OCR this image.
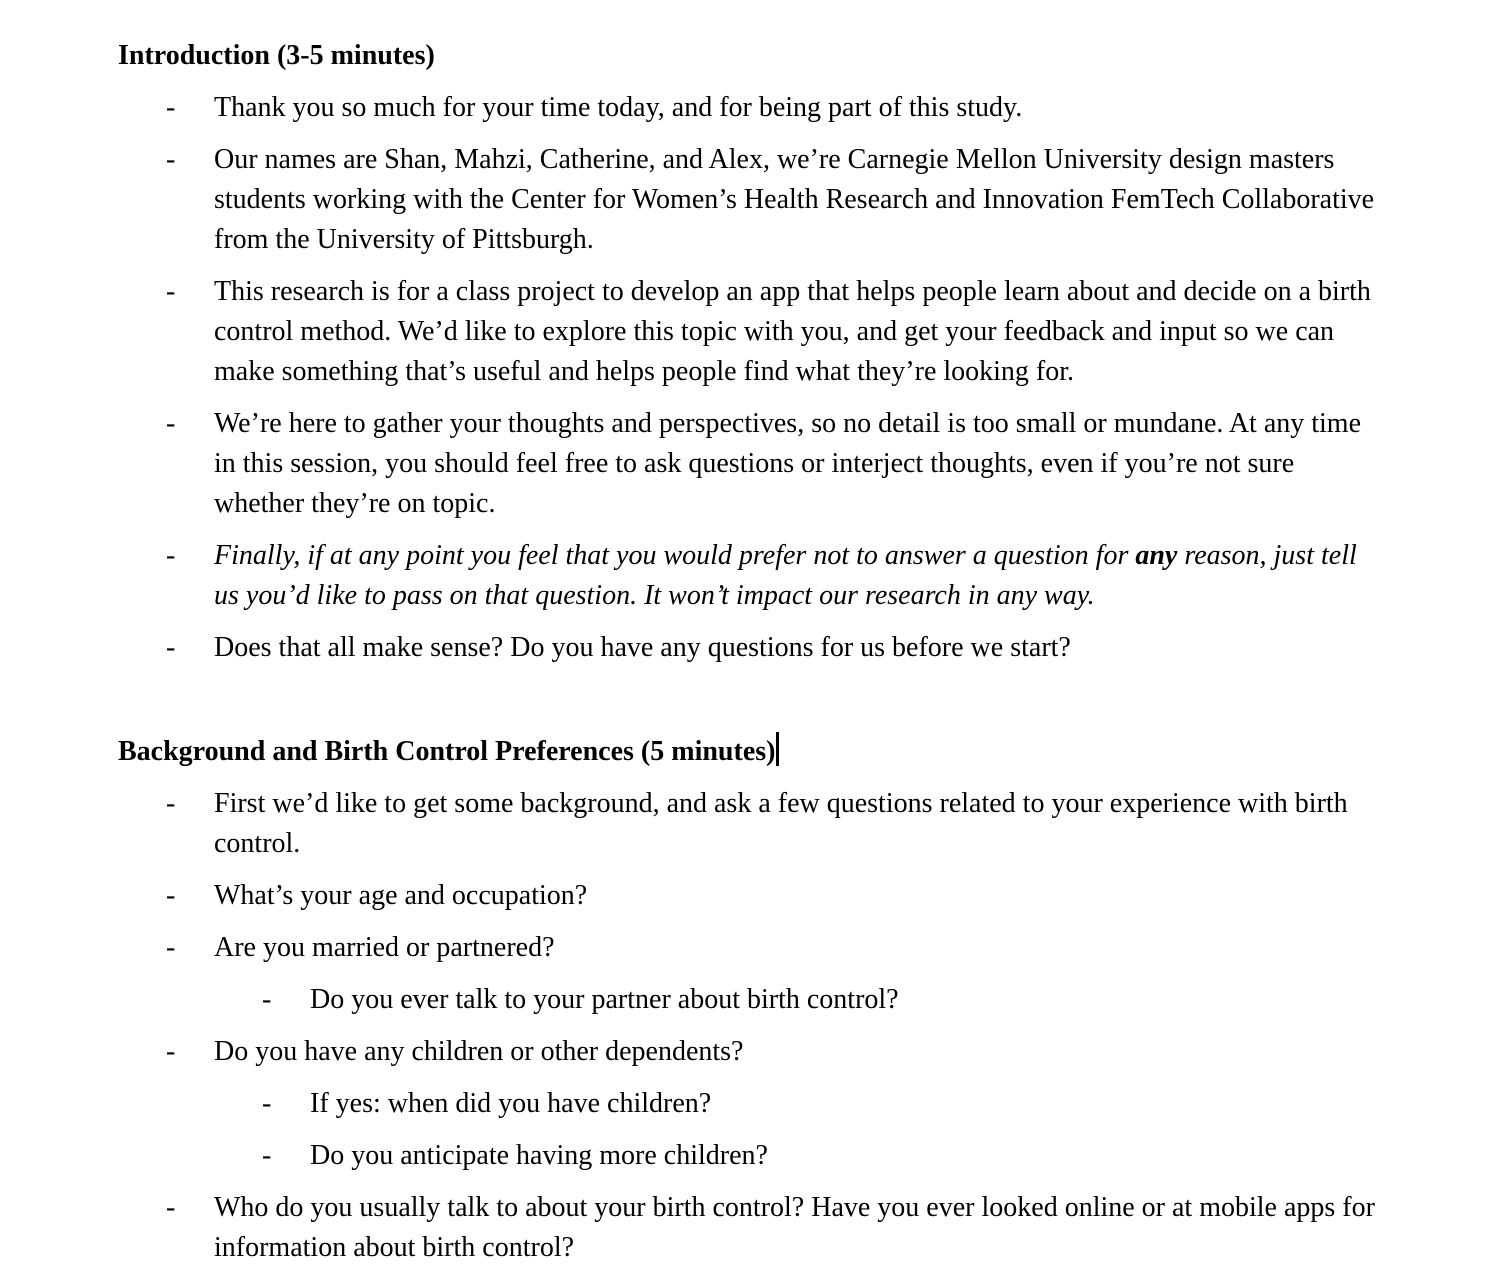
Introduction (3-5 minutes)
- Thank you so much for your time today, and for being part of this study.
- Our names are Shan, Mahzi, Catherine, and Alex, we’re Carnegie Mellon University design masters students working with the Center for Women’s Health Research and Innovation FemTech Collaborative from the University of Pittsburgh.
- This research is for a class project to develop an app that helps people learn about and decide on a birth control method. We’d like to explore this topic with you, and get your feedback and input so we can make something that’s useful and helps people find what they’re looking for.
- We’re here to gather your thoughts and perspectives, so no detail is too small or mundane. At any time in this session, you should feel free to ask questions or interject thoughts, even if you’re not sure whether they’re on topic.
- Finally, if at any point you feel that you would prefer not to answer a question for any reason, just tell us you’d like to pass on that question. It won’t impact our research in any way.
- Does that all make sense? Do you have any questions for us before we start?
Background and Birth Control Preferences (5 minutes)
- First we’d like to get some background, and ask a few questions related to your experience with birth control.
- What’s your age and occupation?
- Are you married or partnered?
- Do you ever talk to your partner about birth control?
- Do you have any children or other dependents?
- If yes: when did you have children?
- Do you anticipate having more children?
- Who do you usually talk to about your birth control? Have you ever looked online or at mobile apps for information about birth control?
